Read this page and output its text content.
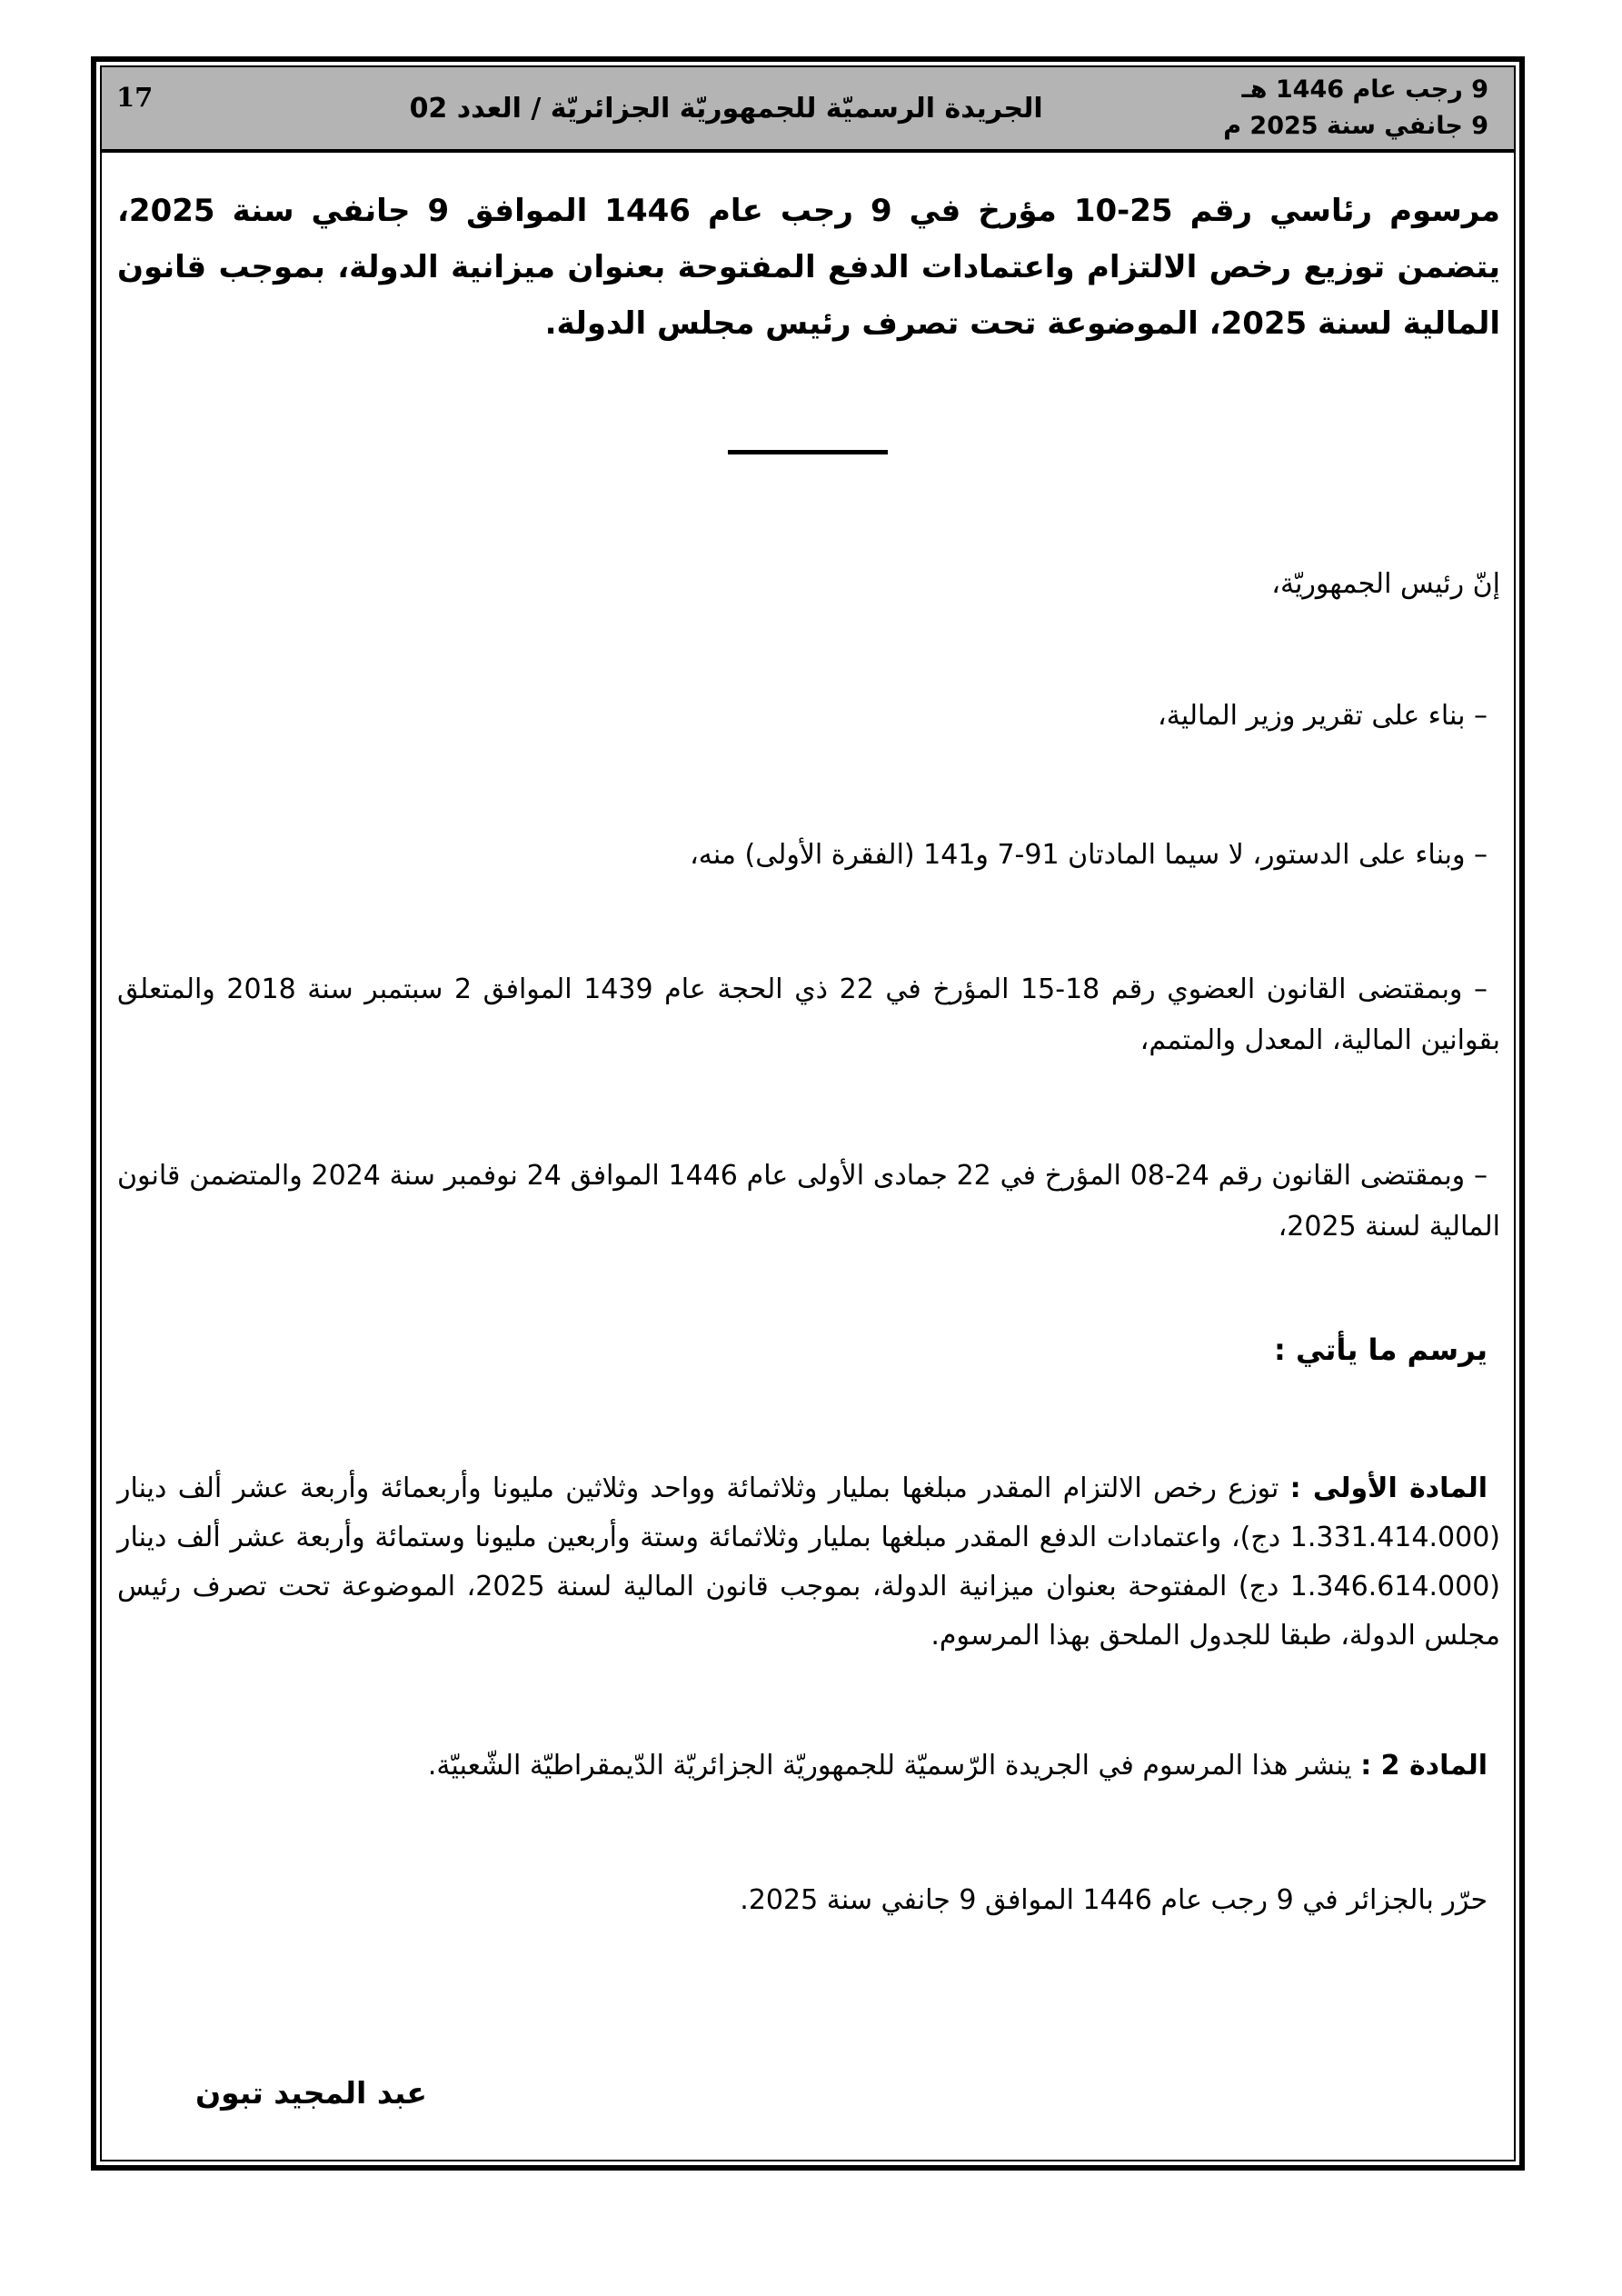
17	الجريدة الرسميّة للجمهوريّة الجزائريّة / العدد 02
9 رجب عام 1446 هـ
9 جانفي سنة 2025 م
مرسوم رئاسي رقم 25-10 مؤرخ في 9 رجب عام 1446 الموافق 9 جانفي سنة 2025، يتضمن توزيع رخص الالتزام واعتمادات الدفع المفتوحة بعنوان ميزانية الدولة، بموجب قانون المالية لسنة 2025، الموضوعة تحت تصرف رئيس مجلس الدولة.
إنّ رئيس الجمهوريّة،
– بناء على تقرير وزير المالية،
– وبناء على الدستور، لا سيما المادتان 91-7 و141 (الفقرة الأولى) منه،
– وبمقتضى القانون العضوي رقم 18-15 المؤرخ في 22 ذي الحجة عام 1439 الموافق 2 سبتمبر سنة 2018 والمتعلق بقوانين المالية، المعدل والمتمم،
– وبمقتضى القانون رقم 24-08 المؤرخ في 22 جمادى الأولى عام 1446 الموافق 24 نوفمبر سنة 2024 والمتضمن قانون المالية لسنة 2025،
يرسم ما يأتي :
المادة الأولى : توزع رخص الالتزام المقدر مبلغها بمليار وثلاثمائة وواحد وثلاثين مليونا وأربعمائة وأربعة عشر ألف دينار (1.331.414.000 دج)، واعتمادات الدفع المقدر مبلغها بمليار وثلاثمائة وستة وأربعين مليونا وستمائة وأربعة عشر ألف دينار (1.346.614.000 دج) المفتوحة بعنوان ميزانية الدولة، بموجب قانون المالية لسنة 2025، الموضوعة تحت تصرف رئيس مجلس الدولة، طبقا للجدول الملحق بهذا المرسوم.
المادة 2 : ينشر هذا المرسوم في الجريدة الرّسميّة للجمهوريّة الجزائريّة الدّيمقراطيّة الشّعبيّة.
حرّر بالجزائر في 9 رجب عام 1446 الموافق 9 جانفي سنة 2025.
عبد المجيد تبون
